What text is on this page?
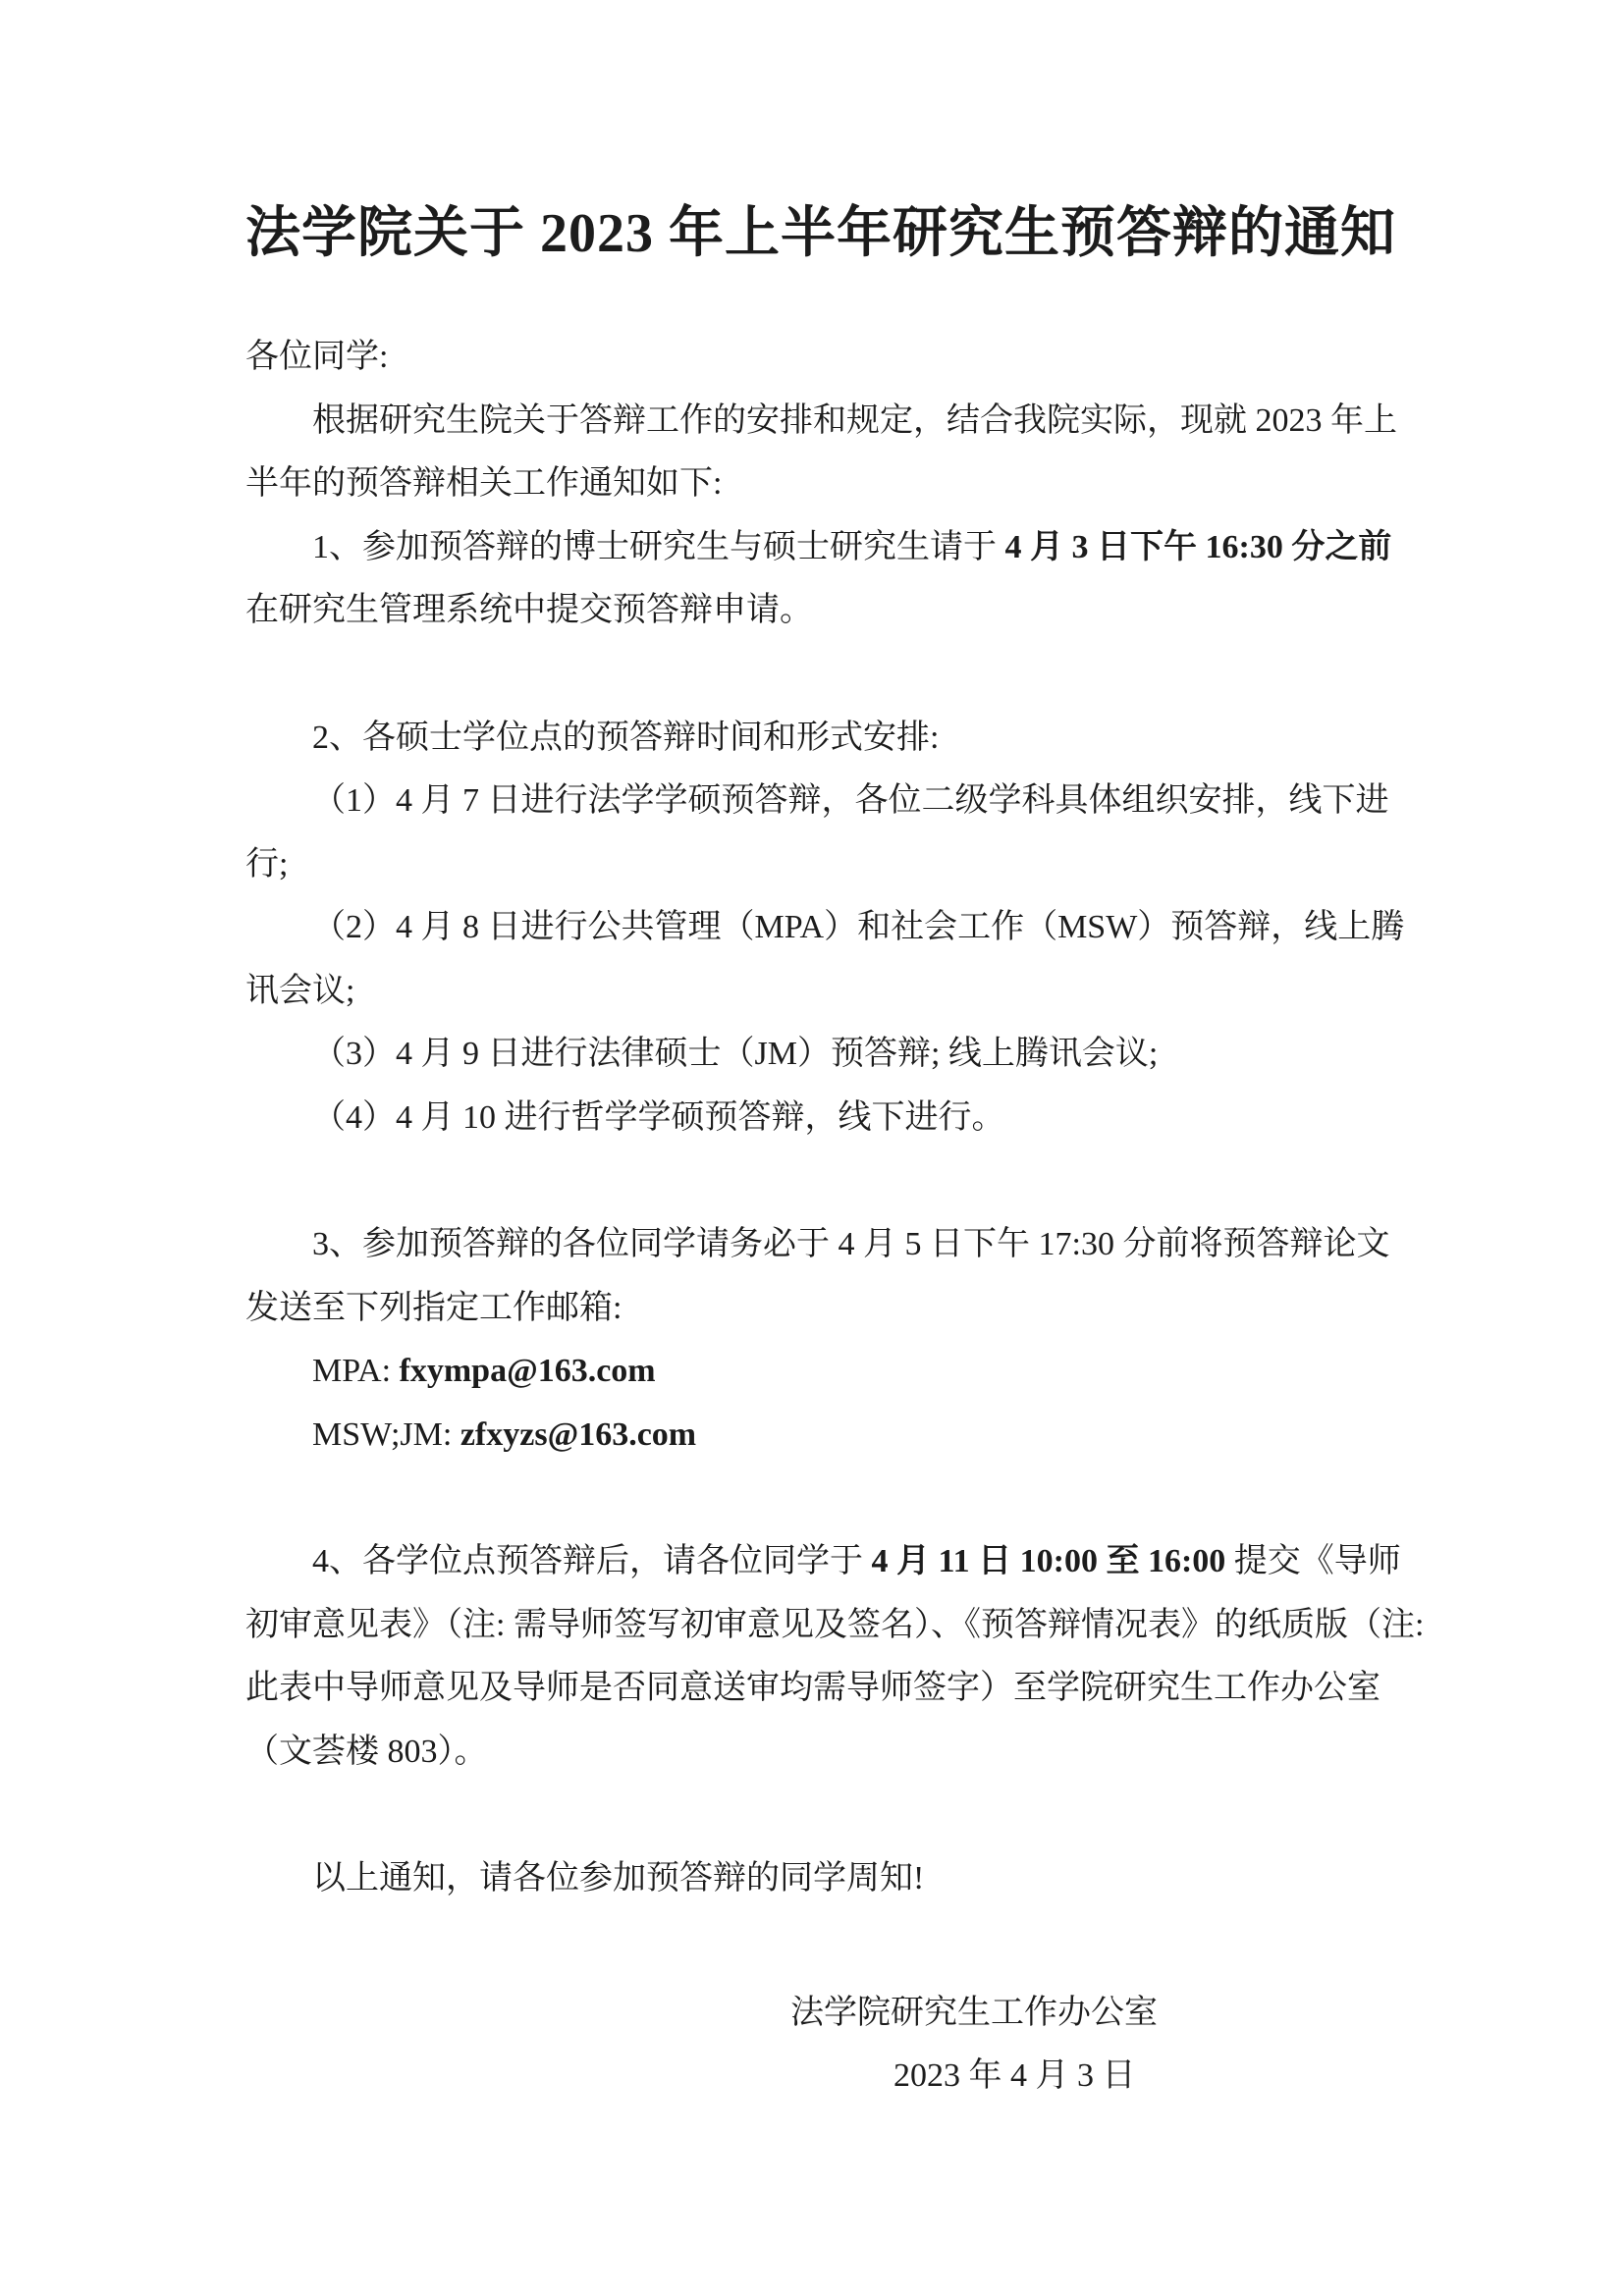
法学院关于 2023 年上半年研究生预答辩的通知
各位同学:
根据研究生院关于答辩工作的安排和规定，结合我院实际，现就 2023 年上
半年的预答辩相关工作通知如下:
1、参加预答辩的博士研究生与硕士研究生请于 4 月 3 日下午 16:30 分之前
在研究生管理系统中提交预答辩申请。
2、各硕士学位点的预答辩时间和形式安排:
（1）4 月 7 日进行法学学硕预答辩，各位二级学科具体组织安排，线下进
行;
（2）4 月 8 日进行公共管理（MPA）和社会工作（MSW）预答辩，线上腾
讯会议;
（3）4 月 9 日进行法律硕士（JM）预答辩; 线上腾讯会议;
（4）4 月 10 进行哲学学硕预答辩，线下进行。
3、参加预答辩的各位同学请务必于 4 月 5 日下午 17:30 分前将预答辩论文
发送至下列指定工作邮箱:
MPA: fxympa@163.com
MSW;JM: zfxyzs@163.com
4、各学位点预答辩后，请各位同学于 4 月 11 日 10:00 至 16:00 提交《导师
初审意见表》（注: 需导师签写初审意见及签名）、《预答辩情况表》的纸质版（注:
此表中导师意见及导师是否同意送审均需导师签字）至学院研究生工作办公室
（文荟楼 803）。
以上通知，请各位参加预答辩的同学周知!
法学院研究生工作办公室
2023 年 4 月 3 日
